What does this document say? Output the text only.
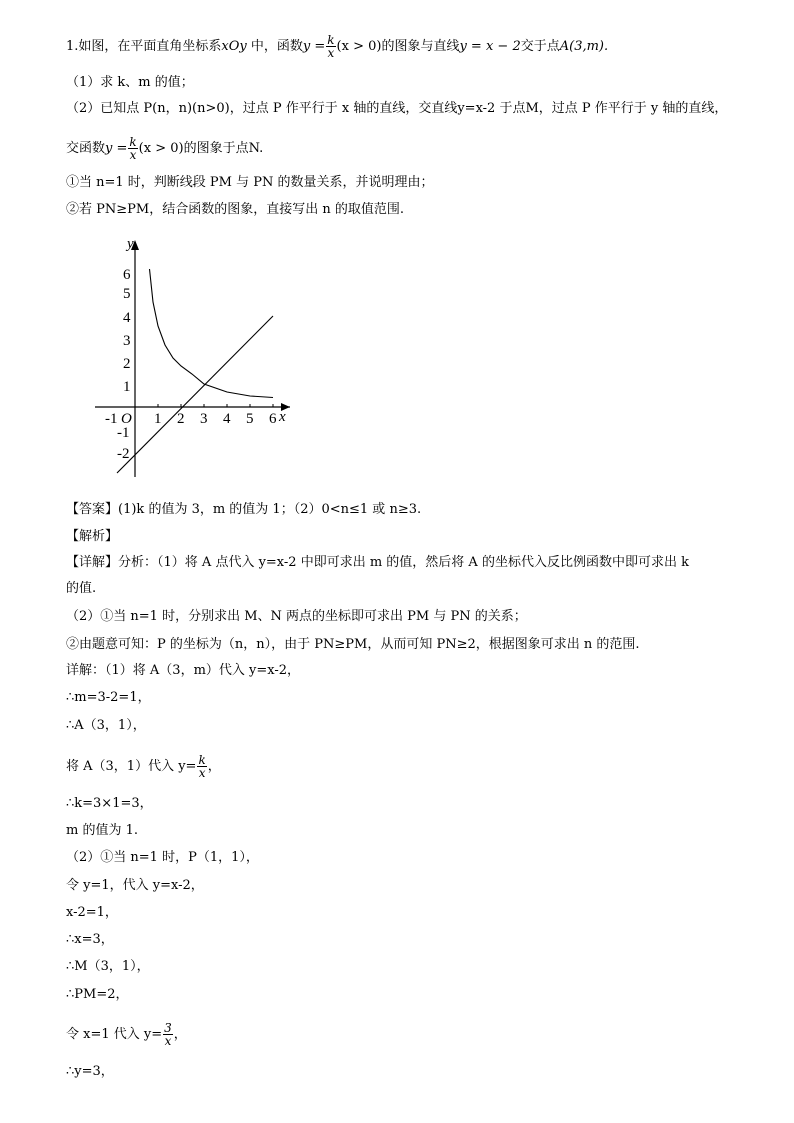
1.如图，在平面直角坐标系xOy 中，函数$y = \frac{k}{x} (x > 0)$的图象与直线y = x − 2交于点A(3,m).
（1）求 k、m 的值；
（2）已知点 P(n，n)(n>0)，过点 P 作平行于 x 轴的直线，交直线y=x-2 于点M，过点 P 作平行于 y 轴的直线，
交函数$y = \frac{k}{x} (x > 0)$的图象于点N.
①当 n=1 时，判断线段 PM 与 PN 的数量关系，并说明理由；
②若 PN≥PM，结合函数的图象，直接写出 n 的取值范围.
y
x
O
-1 1 2 3 4 5 6
6
5
4
3
2
1
-1
-2
【答案】(1)k 的值为 3，m 的值为 1；（2）0<n≤1 或 n≥3.
【解析】
【详解】分析：（1）将 A 点代入 y=x-2 中即可求出 m 的值，然后将 A 的坐标代入反比例函数中即可求出 k
的值.
（2）①当 n=1 时，分别求出 M、N 两点的坐标即可求出 PM 与 PN 的关系；
②由题意可知：P 的坐标为（n，n），由于 PN≥PM，从而可知 PN≥2，根据图象可求出 n 的范围.
详解：（1）将 A（3，m）代入 y=x-2，
∴m=3-2=1，
∴A（3，1），
将 A（3，1）代入 $y= \frac{k}{x}$ ，
∴k=3×1=3，
m 的值为 1.
（2）①当 n=1 时，P（1，1），
令 y=1，代入 y=x-2，
x-2=1，
∴x=3，
∴M（3，1），
∴PM=2，
令 x=1 代入 $y= \frac{3}{x}$ ，
∴y=3，
